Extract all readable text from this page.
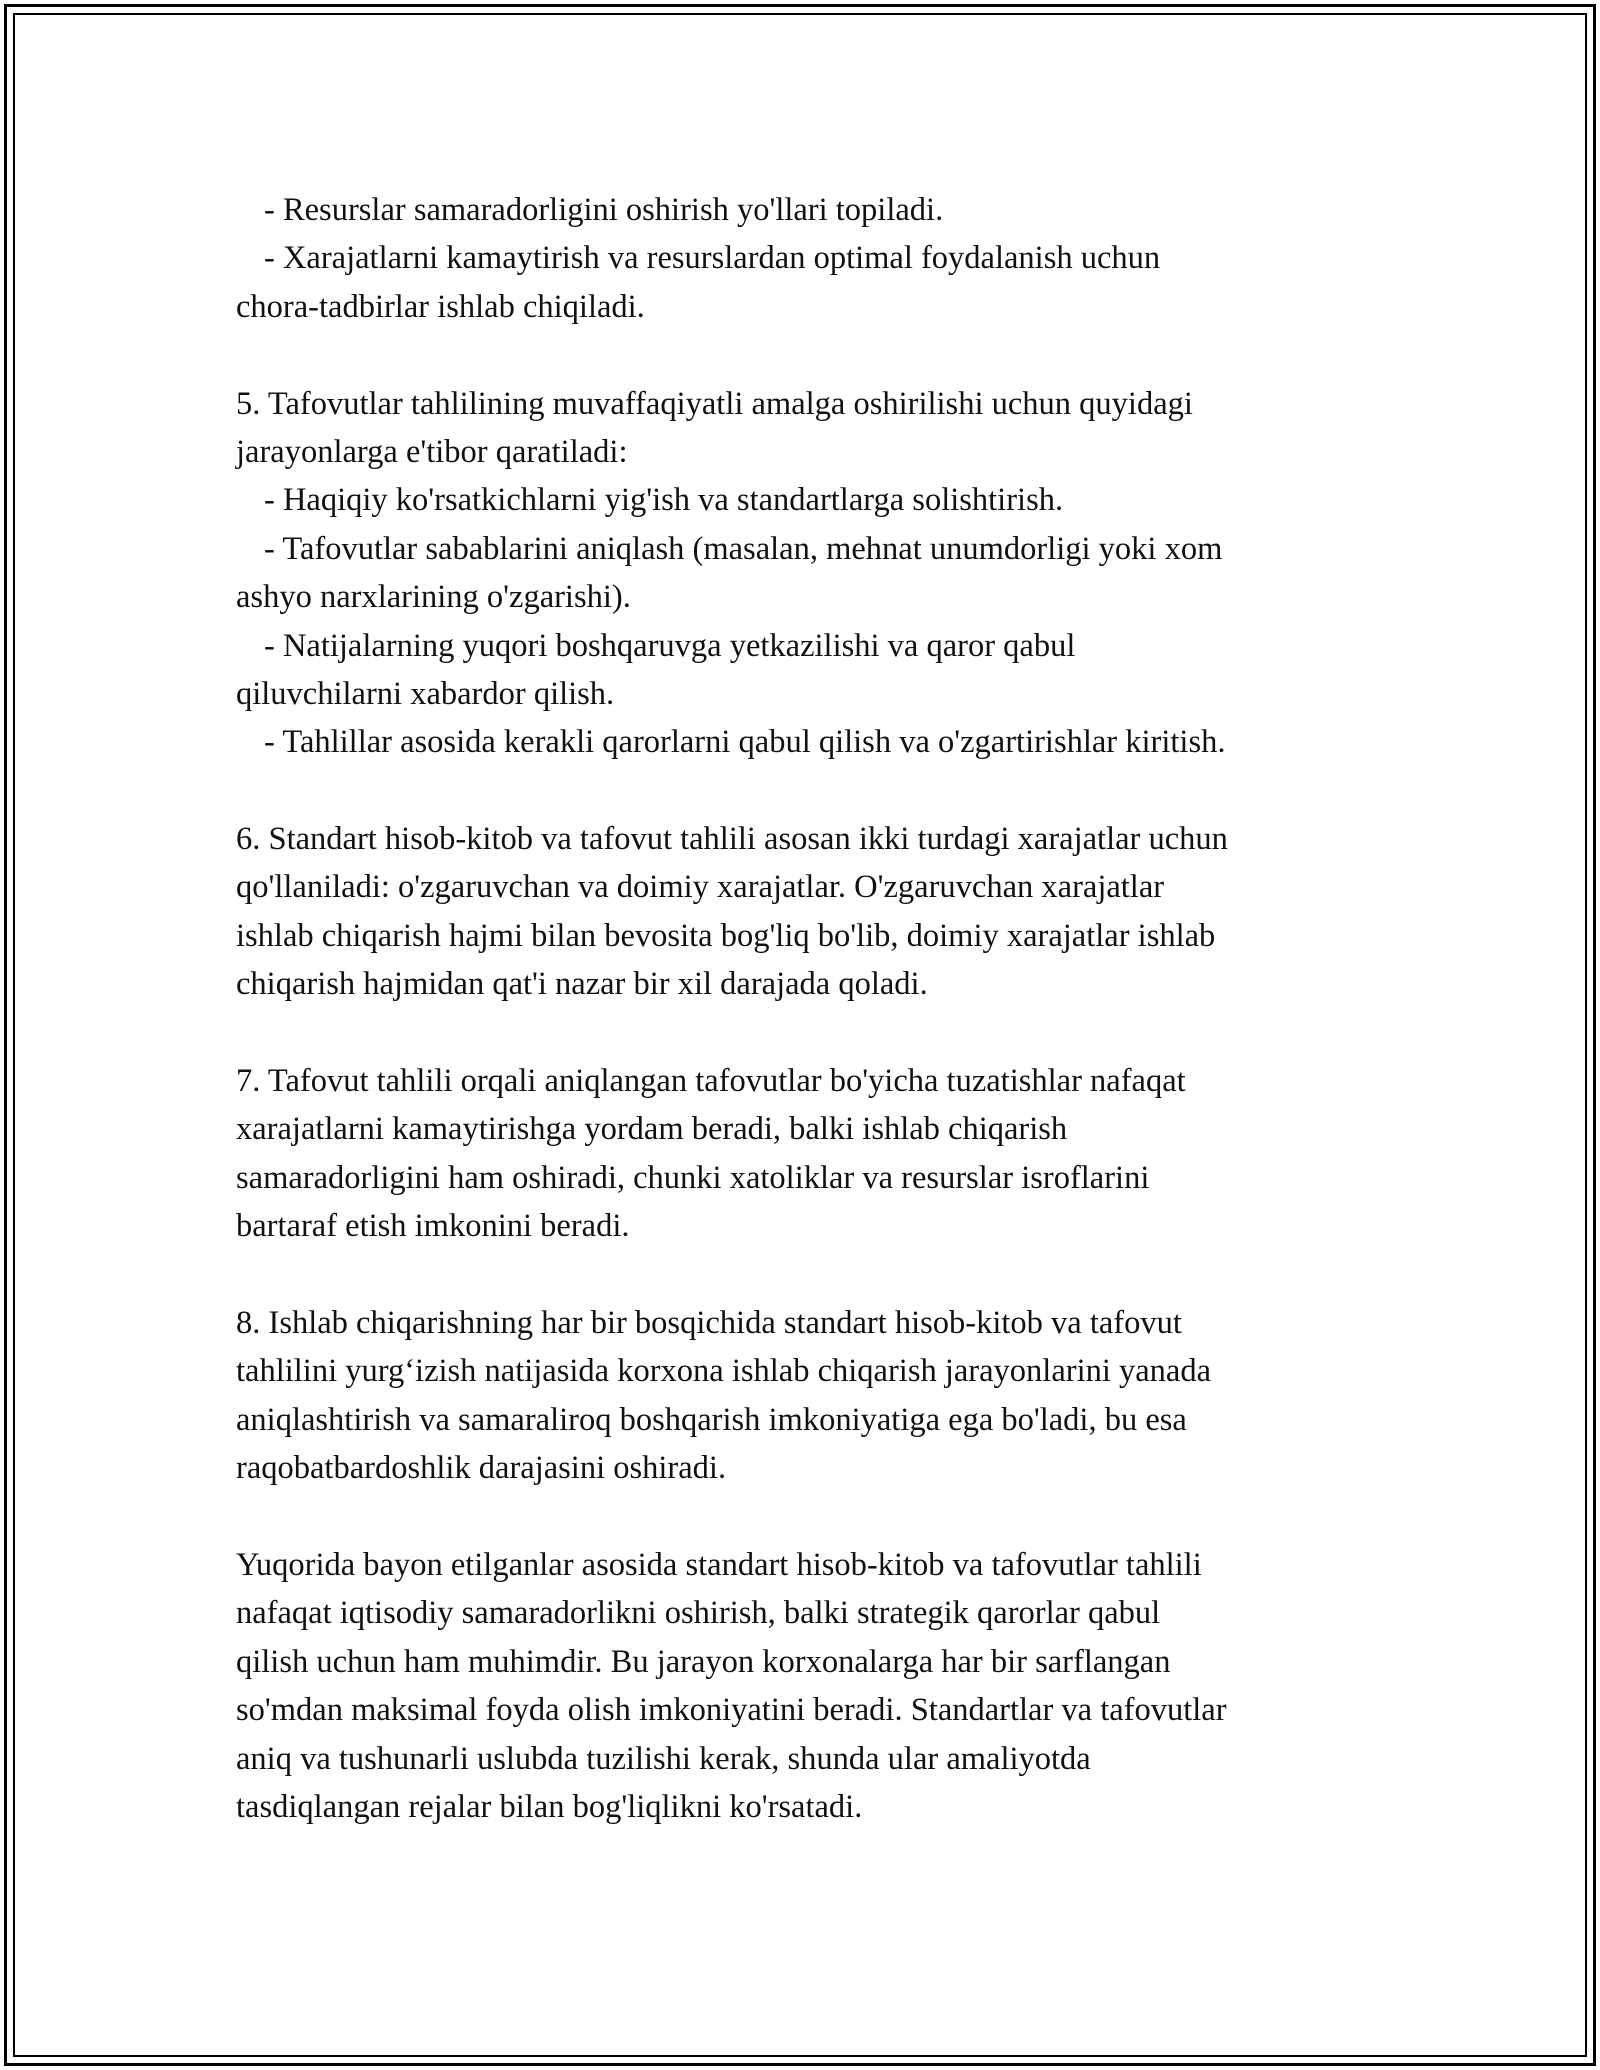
- Resurslar samaradorligini oshirish yo'llari topiladi.
- Xarajatlarni kamaytirish va resurslardan optimal foydalanish uchun
chora-tadbirlar ishlab chiqiladi.
5. Tafovutlar tahlilining muvaffaqiyatli amalga oshirilishi uchun quyidagi
jarayonlarga e'tibor qaratiladi:
- Haqiqiy ko'rsatkichlarni yig'ish va standartlarga solishtirish.
- Tafovutlar sabablarini aniqlash (masalan, mehnat unumdorligi yoki xom
ashyo narxlarining o'zgarishi).
- Natijalarning yuqori boshqaruvga yetkazilishi va qaror qabul
qiluvchilarni xabardor qilish.
- Tahlillar asosida kerakli qarorlarni qabul qilish va o'zgartirishlar kiritish.
6. Standart hisob-kitob va tafovut tahlili asosan ikki turdagi xarajatlar uchun
qo'llaniladi: o'zgaruvchan va doimiy xarajatlar. O'zgaruvchan xarajatlar
ishlab chiqarish hajmi bilan bevosita bog'liq bo'lib, doimiy xarajatlar ishlab
chiqarish hajmidan qat'i nazar bir xil darajada qoladi.
7. Tafovut tahlili orqali aniqlangan tafovutlar bo'yicha tuzatishlar nafaqat
xarajatlarni kamaytirishga yordam beradi, balki ishlab chiqarish
samaradorligini ham oshiradi, chunki xatoliklar va resurslar isroflarini
bartaraf etish imkonini beradi.
8. Ishlab chiqarishning har bir bosqichida standart hisob-kitob va tafovut
tahlilini yurg‘izish natijasida korxona ishlab chiqarish jarayonlarini yanada
aniqlashtirish va samaraliroq boshqarish imkoniyatiga ega bo'ladi, bu esa
raqobatbardoshlik darajasini oshiradi.
Yuqorida bayon etilganlar asosida standart hisob-kitob va tafovutlar tahlili
nafaqat iqtisodiy samaradorlikni oshirish, balki strategik qarorlar qabul
qilish uchun ham muhimdir. Bu jarayon korxonalarga har bir sarflangan
so'mdan maksimal foyda olish imkoniyatini beradi. Standartlar va tafovutlar
aniq va tushunarli uslubda tuzilishi kerak, shunda ular amaliyotda
tasdiqlangan rejalar bilan bog'liqlikni ko'rsatadi.
